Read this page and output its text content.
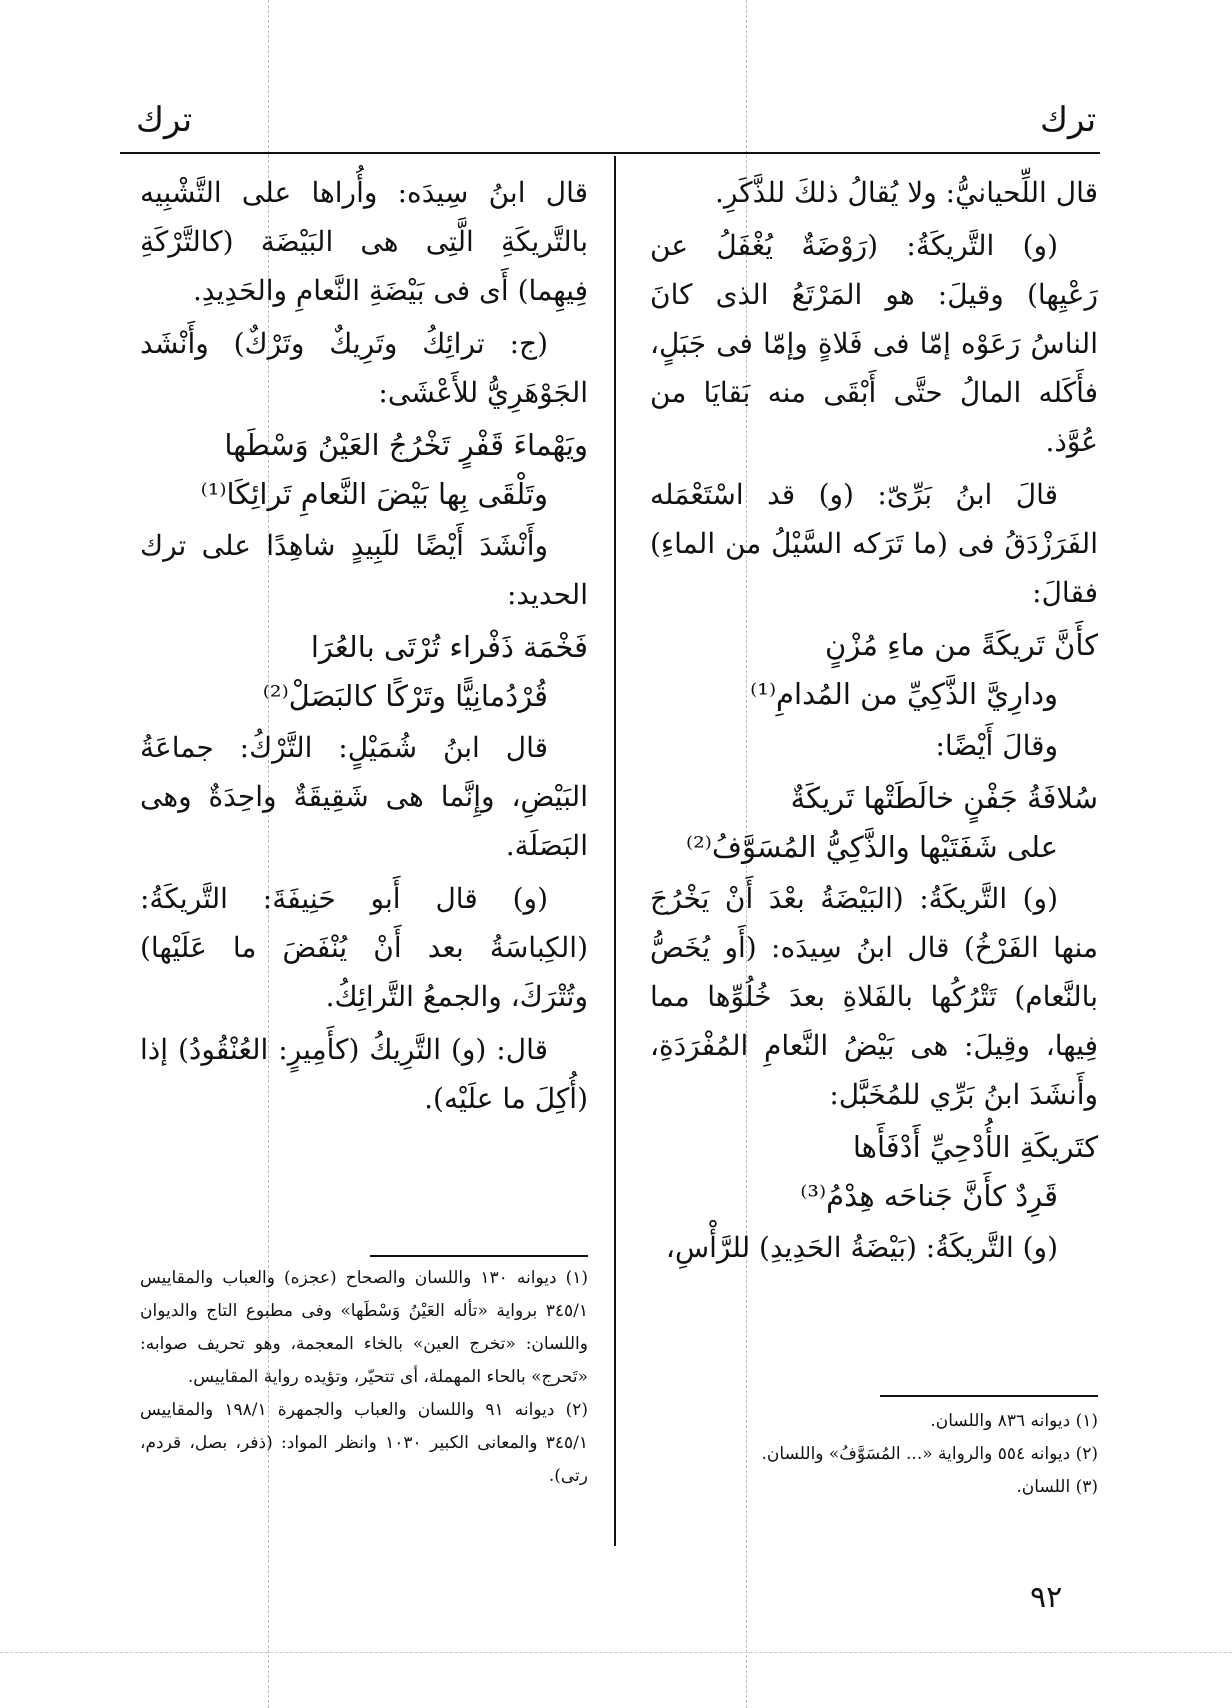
ترك
ترك

قال اللِّحيانيُّ: ولا يُقالُ ذلكَ للذَّكَرِ.

(و) التَّريكَةُ: (رَوْضَةٌ يُغْفَلُ عن رَعْيِها) وقيلَ: هو المَرْتَعُ الذى كانَ الناسُ رَعَوْه إمّا فى فَلاةٍ وإمّا فى جَبَلٍ، فأَكَله المالُ حتَّى أَبْقَى منه بَقايَا من عُوَّذ.

قالَ ابنُ بَرِّىّ: (و) قد اسْتَعْمَله الفَرَزْدَقُ فى (ما تَرَكه السَّيْلُ من الماءِ) فقالَ:

كأَنَّ تَريكَةً من ماءِ مُزْنٍ
ودارِيَّ الذَّكِيِّ من المُدامِ⁽¹⁾

وقالَ أَيْضًا:

سُلافَةُ جَفْنٍ خالَطَتْها تَريكَةٌ
على شَفَتَيْها والذَّكِيُّ المُسَوَّفُ⁽²⁾

(و) التَّريكَةُ: (البَيْضَةُ بعْدَ أَنْ يَخْرُجَ منها الفَرْخُ) قال ابنُ سِيدَه: (أَو يُخَصُّ بالنَّعام) تَتْرُكُها بالفَلاةِ بعدَ خُلُوِّها مما فِيها، وقِيلَ: هى بَيْضُ النَّعامِ المُفْرَدَةِ، وأَنشَدَ ابنُ بَرِّي للمُخَبَّل:

كتَريكَةِ الأُدْحِيِّ أَدْفَأَها
قَرِدٌ كأَنَّ جَناحَه هِدْمُ⁽³⁾

(و) التَّريكَةُ: (بَيْضَةُ الحَدِيدِ) للرَّأْسِ،

(١) ديوانه ٨٣٦ واللسان.

(٢) ديوانه ٥٥٤ والرواية «... المُسَوَّفُ» واللسان.

(٣) اللسان.

قال ابنُ سِيدَه: وأُراها على التَّشْبِيه بالتَّريكَةِ الَّتِى هى البَيْضَة (كالتَّرْكَةِ فِيهِما) أَى فى بَيْضَةِ النَّعامِ والحَدِيدِ.

(ج: ترائِكُ وتَرِيكٌ وتَرْكٌ) وأَنْشَد الجَوْهَرِيُّ للأَعْشَى:

ويَهْماءَ قَفْرٍ تَخْرُجُ العَيْنُ وَسْطَها
وتَلْقَى بِها بَيْضَ النَّعامِ تَرائِكَا⁽¹⁾

وأَنْشَدَ أَيْضًا للَبِيدٍ شاهِدًا على ترك الحديد:

فَخْمَة ذَفْراء تُرْتَى بالعُرَا
قُرْدُمانِيًّا وتَرْكًا كالبَصَلْ⁽²⁾

قال ابنُ شُمَيْلٍ: التَّرْكُ: جماعَةُ البَيْضِ، وإِنَّما هى شَقِيقَةٌ واحِدَةٌ وهى البَصَلَة.

(و) قال أَبو حَنِيفَةَ: التَّريكَةُ: (الكِباسَةُ بعد أَنْ يُنْفَضَ ما عَلَيْها) وتُتْرَكَ، والجمعُ التَّرائِكُ.

قال: (و) التَّرِيكُ (كأَمِيرٍ: العُنْقُودُ) إذا (أُكِلَ ما علَيْه).

(١) ديوانه ١٣٠ واللسان والصحاح (عجزه) والعباب والمقاييس ٣٤٥/١ برواية «تأله العَيْنُ وَسْطَها» وفى مطبوع التاج والديوان واللسان: «تخرج العين» بالخاء المعجمة، وهو تحريف صوابه: «تَحرج» بالحاء المهملة، أى تتحيّر، وتؤيده رواية المقاييس.

(٢) ديوانه ٩١ واللسان والعباب والجمهرة ١٩٨/١ والمقاييس ٣٤٥/١ والمعانى الكبير ١٠٣٠ وانظر المواد: (ذفر، بصل، قردم، رتى).

٩٢
